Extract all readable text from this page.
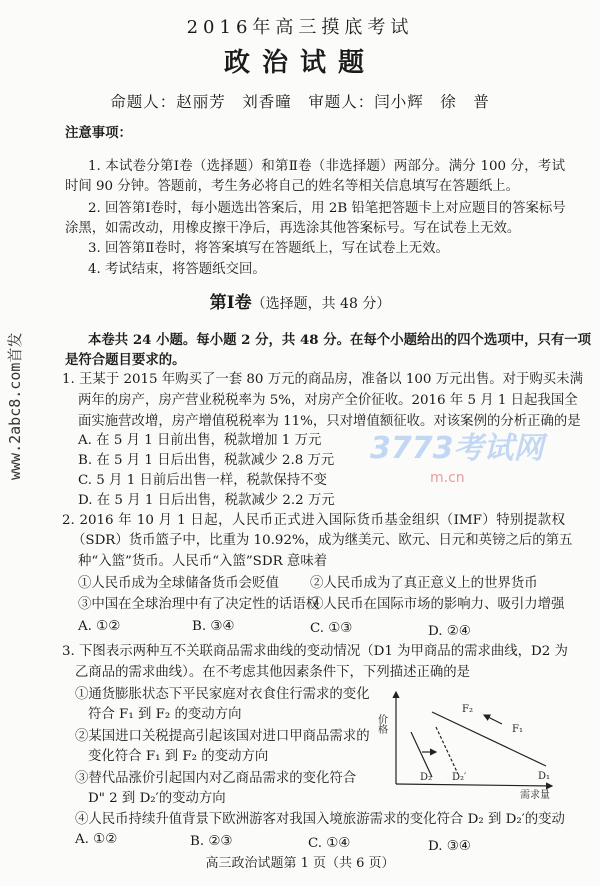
www.2abc8.com首发	3773考试网
m.cn
2016年高三摸底考试
政治试题
命题人：赵丽芳　刘香曈　审题人：闫小辉　徐　普
注意事项：
1. 本试卷分第Ⅰ卷（选择题）和第Ⅱ卷（非选择题）两部分。满分 100 分，考试
时间 90 分钟。答题前，考生务必将自己的姓名等相关信息填写在答题纸上。
2. 回答第Ⅰ卷时，每小题选出答案后，用 2B 铅笔把答题卡上对应题目的答案标号
涂黑，如需改动，用橡皮擦干净后，再选涂其他答案标号。写在试卷上无效。
3. 回答第Ⅱ卷时，将答案填写在答题纸上，写在试卷上无效。
4. 考试结束，将答题纸交回。
第Ⅰ卷（选择题，共 48 分）
本卷共 24 小题。每小题 2 分，共 48 分。在每个小题给出的四个选项中，只有一项
是符合题目要求的。
1. 王某于 2015 年购买了一套 80 万元的商品房，准备以 100 万元出售。对于购买未满
两年的房产，房产营业税税率为 5%，对房产全价征收。2016 年 5 月 1 日起我国全
面实施营改增，房产增值税税率为 11%，只对增值额征收。对该案例的分析正确的是
A. 在 5 月 1 日前出售，税款增加 1 万元
B. 在 5 月 1 日后出售，税款减少 2.8 万元
C. 5 月 1 日前后出售一样，税款保持不变
D. 在 5 月 1 日后出售，税款减少 2.2 万元
2. 2016 年 10 月 1 日起，人民币正式进入国际货币基金组织（IMF）特别提款权
（SDR）货币篮子中，比重为 10.92%，成为继美元、欧元、日元和英镑之后的第五
种“入篮”货币。人民币“入篮”SDR 意味着
①人民币成为全球储备货币会贬值 ②人民币成为了真正意义上的世界货币
③中国在全球治理中有了决定性的话语权
④人民币在国际市场的影响力、吸引力增强
A. ①②	B. ③④	C. ①③	D. ②④
3. 下图表示两种互不关联商品需求曲线的变动情况（D1 为甲商品的需求曲线，D2 为
乙商品的需求曲线）。在不考虑其他因素条件下，下列描述正确的是
①通货膨胀状态下平民家庭对衣食住行需求的变化
符合 F₁ 到 F₂ 的变动方向
②某国进口关税提高引起该国对进口甲商品需求的
变化符合 F₁ 到 F₂ 的变动方向
③替代品涨价引起国内对乙商品需求的变化符合
D" 2 到 D₂′的变动方向
④人民币持续升值背景下欧洲游客对我国入境旅游需求的变化符合 D₂ 到 D₂′的变动
A. ①②	B. ②③	C. ①④	D. ③④
价格
需求量
F₂
F₁
D₁
D₂ D₂′
高三政治试题第 1 页（共 6 页）
